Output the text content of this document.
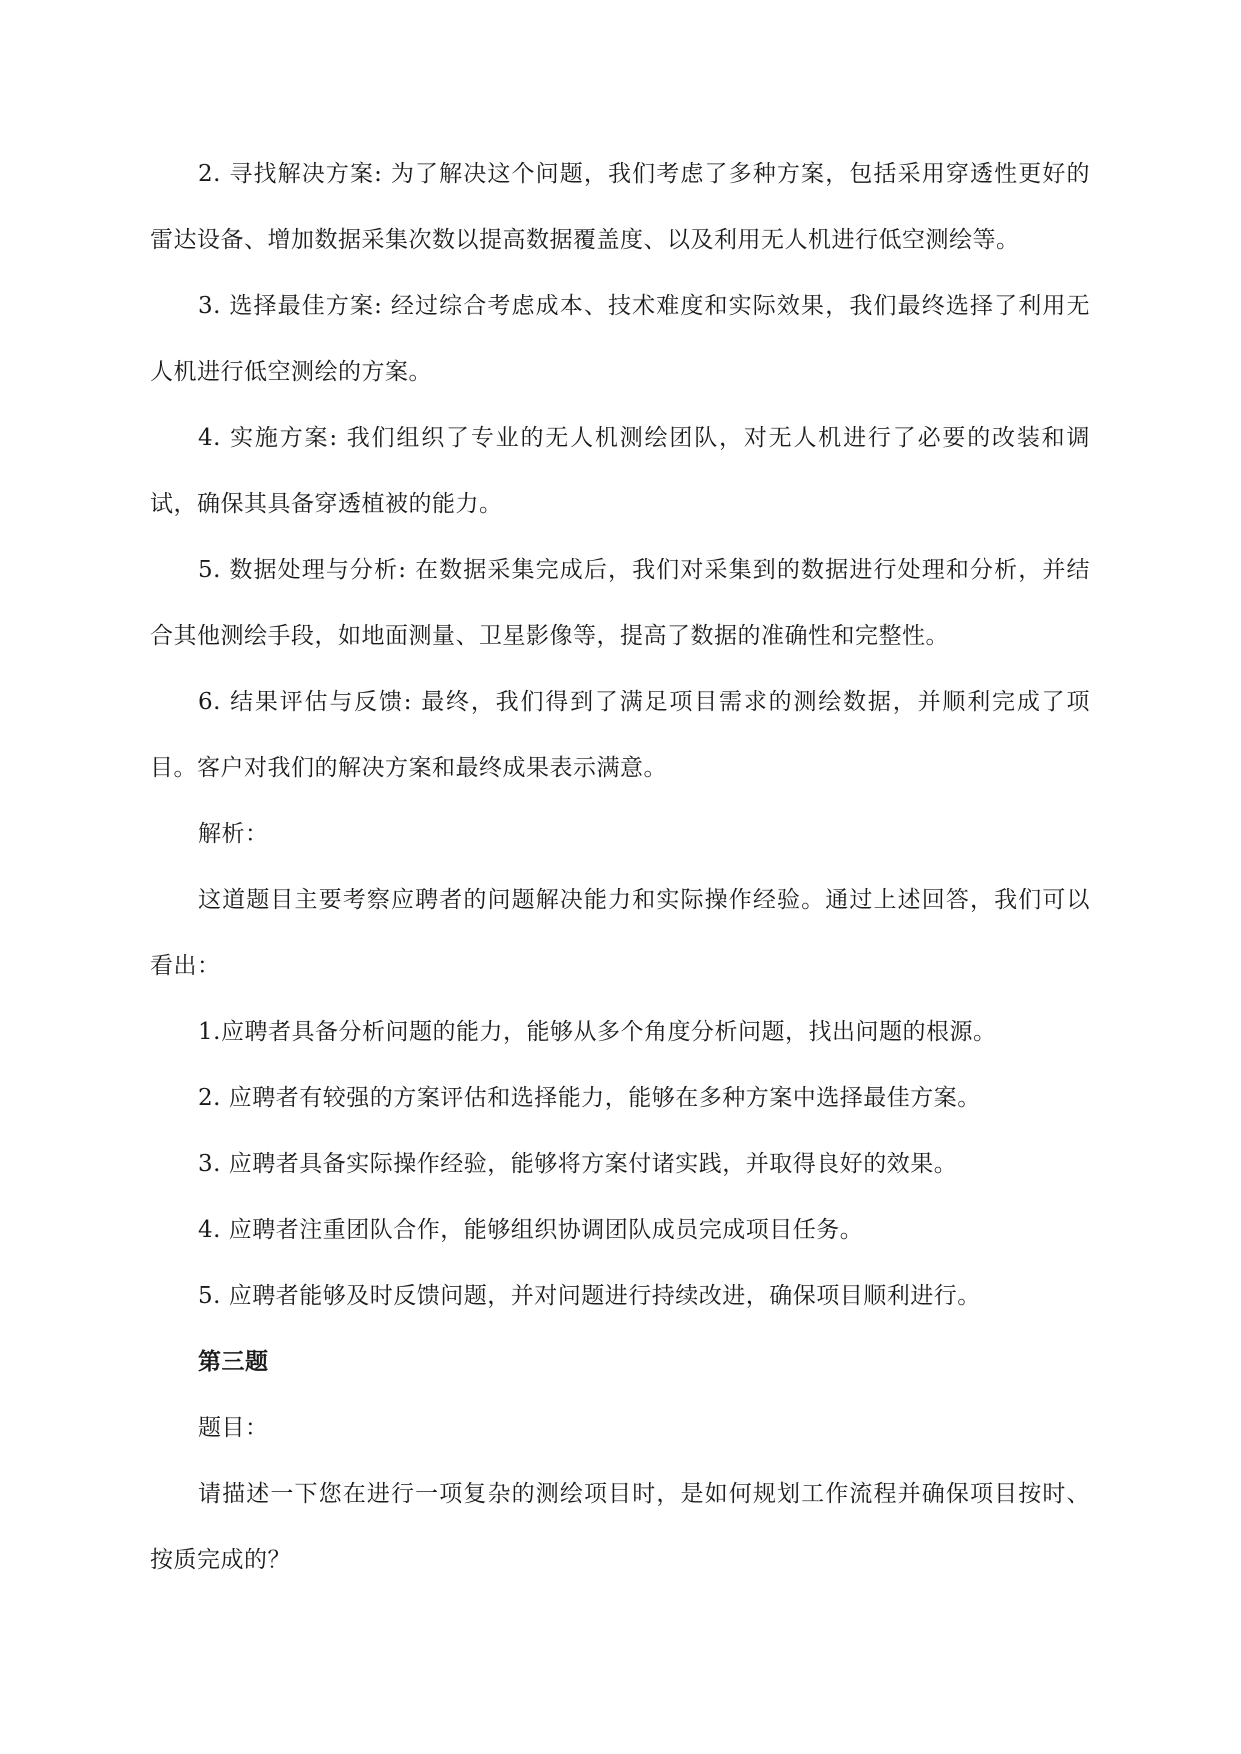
2. 寻找解决方案: 为了解决这个问题，我们考虑了多种方案，包括采用穿透性更好的雷达设备、增加数据采集次数以提高数据覆盖度、以及利用无人机进行低空测绘等。

3. 选择最佳方案: 经过综合考虑成本、技术难度和实际效果，我们最终选择了利用无人机进行低空测绘的方案。

4. 实施方案: 我们组织了专业的无人机测绘团队，对无人机进行了必要的改装和调试，确保其具备穿透植被的能力。

5. 数据处理与分析: 在数据采集完成后，我们对采集到的数据进行处理和分析，并结合其他测绘手段，如地面测量、卫星影像等，提高了数据的准确性和完整性。

6. 结果评估与反馈: 最终，我们得到了满足项目需求的测绘数据，并顺利完成了项目。客户对我们的解决方案和最终成果表示满意。

解析：

这道题目主要考察应聘者的问题解决能力和实际操作经验。通过上述回答，我们可以看出：

1.应聘者具备分析问题的能力，能够从多个角度分析问题，找出问题的根源。

2. 应聘者有较强的方案评估和选择能力，能够在多种方案中选择最佳方案。

3. 应聘者具备实际操作经验，能够将方案付诸实践，并取得良好的效果。

4. 应聘者注重团队合作，能够组织协调团队成员完成项目任务。

5. 应聘者能够及时反馈问题，并对问题进行持续改进，确保项目顺利进行。

第三题

题目：

请描述一下您在进行一项复杂的测绘项目时，是如何规划工作流程并确保项目按时、按质完成的？
